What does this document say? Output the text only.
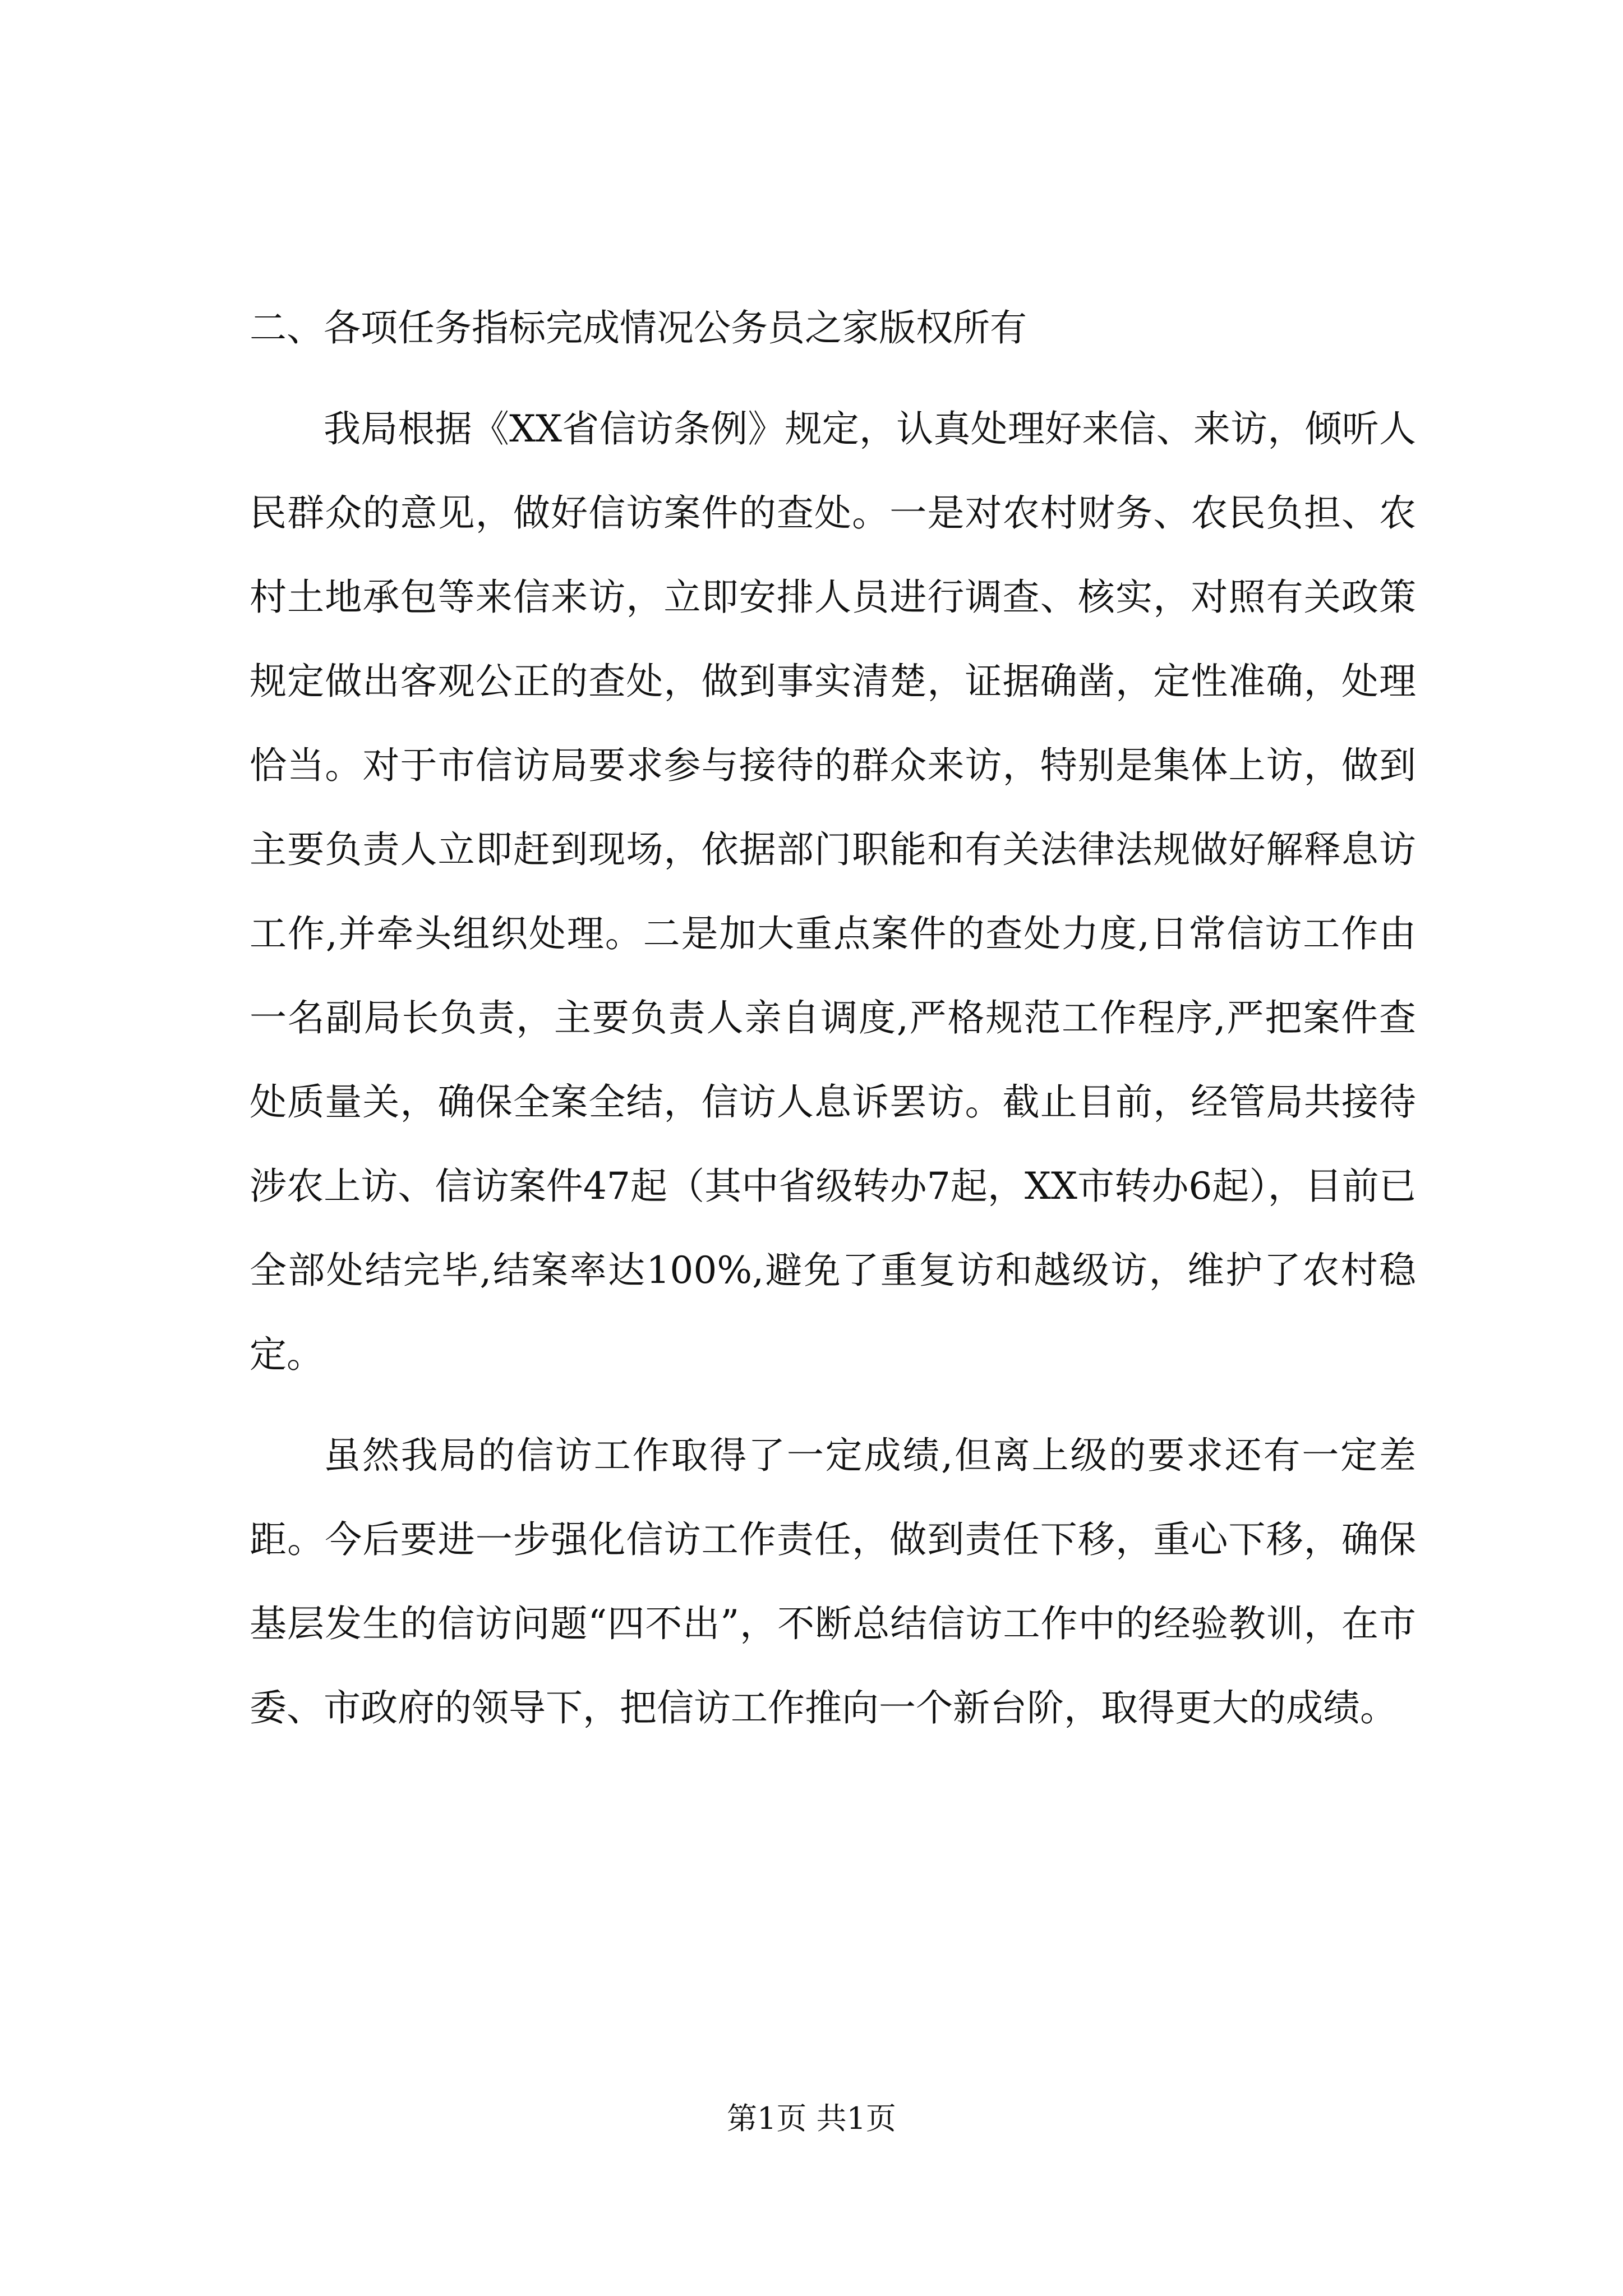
二、各项任务指标完成情况公务员之家版权所有

我局根据《XX省信访条例》规定，认真处理好来信、来访，倾听人民群众的意见，做好信访案件的查处。一是对农村财务、农民负担、农村土地承包等来信来访，立即安排人员进行调查、核实，对照有关政策规定做出客观公正的查处，做到事实清楚，证据确凿，定性准确，处理恰当。对于市信访局要求参与接待的群众来访，特别是集体上访，做到主要负责人立即赶到现场，依据部门职能和有关法律法规做好解释息访工作,并牵头组织处理。二是加大重点案件的查处力度,日常信访工作由一名副局长负责，主要负责人亲自调度,严格规范工作程序,严把案件查处质量关，确保全案全结，信访人息诉罢访。截止目前，经管局共接待涉农上访、信访案件47起（其中省级转办7起，XX市转办6起），目前已全部处结完毕,结案率达100%,避免了重复访和越级访，维护了农村稳定。

虽然我局的信访工作取得了一定成绩,但离上级的要求还有一定差距。今后要进一步强化信访工作责任，做到责任下移，重心下移，确保基层发生的信访问题“四不出”，不断总结信访工作中的经验教训，在市委、市政府的领导下，把信访工作推向一个新台阶，取得更大的成绩。

第1页 共1页
